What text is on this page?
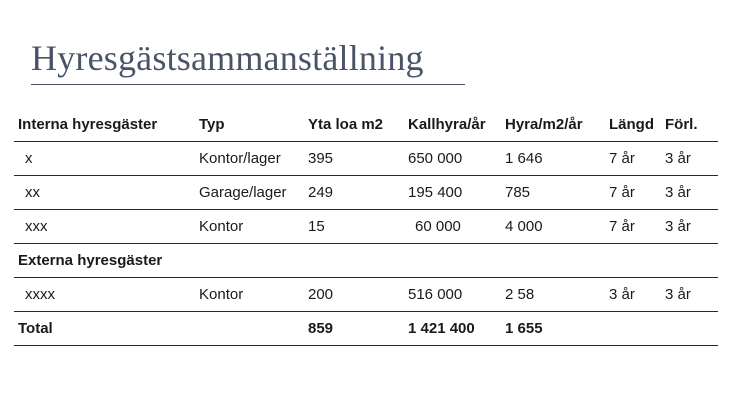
Hyresgästsammanställning
Interna hyresgäster	Typ	Yta loa m2	Kallhyra/år	Hyra/m2/år	Längd	Förl.
x	Kontor/lager	395	650 000	1 646	7 år	3 år
xx	Garage/lager	249	195 400	785	7 år	3 år
xxx	Kontor	15	60 000	4 000	7 år	3 år
Externa hyresgäster						
xxxx	Kontor	200	516 000	2 58	3 år	3 år
Total		859	1 421 400	1 655		
